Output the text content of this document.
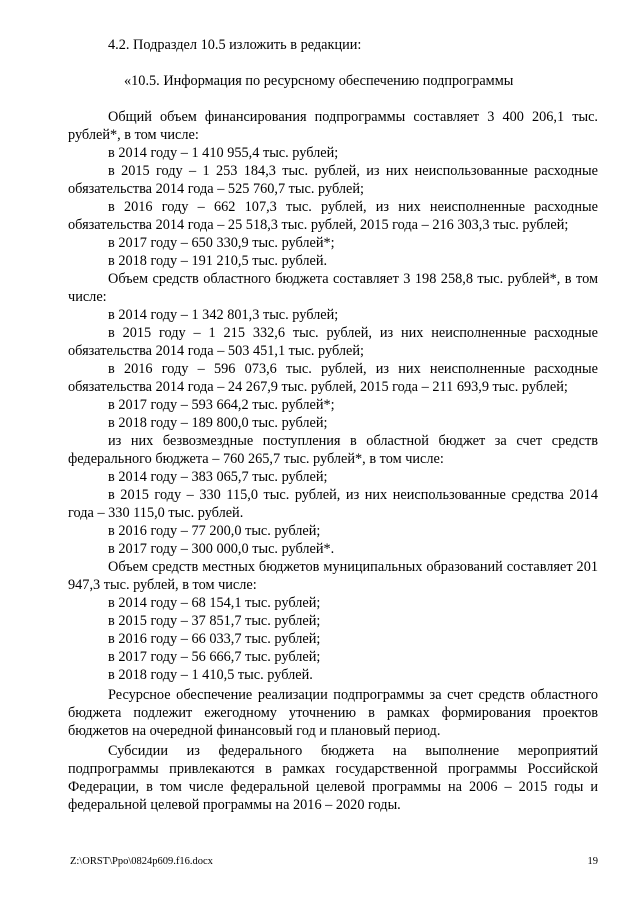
4.2. Подраздел 10.5 изложить в редакции:
«10.5. Информация по ресурсному обеспечению подпрограммы

Общий объем финансирования подпрограммы составляет 3 400 206,1 тыс. рублей*, в том числе:

в 2014 году – 1 410 955,4 тыс. рублей;

в 2015 году – 1 253 184,3 тыс. рублей, из них неиспользованные расходные обязательства 2014 года – 525 760,7 тыс. рублей;

в 2016 году – 662 107,3 тыс. рублей, из них неисполненные расходные обязательства 2014 года – 25 518,3 тыс. рублей, 2015 года – 216 303,3 тыс. рублей;

в 2017 году – 650 330,9 тыс. рублей*;

в 2018 году – 191 210,5 тыс. рублей.

Объем средств областного бюджета составляет 3 198 258,8 тыс. рублей*, в том числе:

в 2014 году – 1 342 801,3 тыс. рублей;

в 2015 году – 1 215 332,6 тыс. рублей, из них неисполненные расходные обязательства 2014 года – 503 451,1 тыс. рублей;

в 2016 году – 596 073,6 тыс. рублей, из них неисполненные расходные обязательства 2014 года – 24 267,9 тыс. рублей, 2015 года – 211 693,9 тыс. рублей;

в 2017 году – 593 664,2 тыс. рублей*;

в 2018 году – 189 800,0 тыс. рублей;

из них безвозмездные поступления в областной бюджет за счет средств федерального бюджета – 760 265,7 тыс. рублей*, в том числе:

в 2014 году – 383 065,7 тыс. рублей;

в 2015 году – 330 115,0 тыс. рублей, из них неиспользованные средства 2014 года – 330 115,0 тыс. рублей.

в 2016 году – 77 200,0 тыс. рублей;

в 2017 году – 300 000,0 тыс. рублей*.

Объем средств местных бюджетов муниципальных образований составляет 201 947,3 тыс. рублей, в том числе:

в 2014 году – 68 154,1 тыс. рублей;

в 2015 году – 37 851,7 тыс. рублей;

в 2016 году – 66 033,7 тыс. рублей;

в 2017 году – 56 666,7 тыс. рублей;

в 2018 году – 1 410,5 тыс. рублей.

Ресурсное обеспечение реализации подпрограммы за счет средств областного бюджета подлежит ежегодному уточнению в рамках формирования проектов бюджетов на очередной финансовый год и плановый период.

Субсидии из федерального бюджета на выполнение мероприятий подпрограммы привлекаются в рамках государственной программы Российской Федерации, в том числе федеральной целевой программы на 2006 – 2015 годы и федеральной целевой программы на 2016 – 2020 годы.

Z:\ORST\Ppo\0824p609.f16.docx	19
